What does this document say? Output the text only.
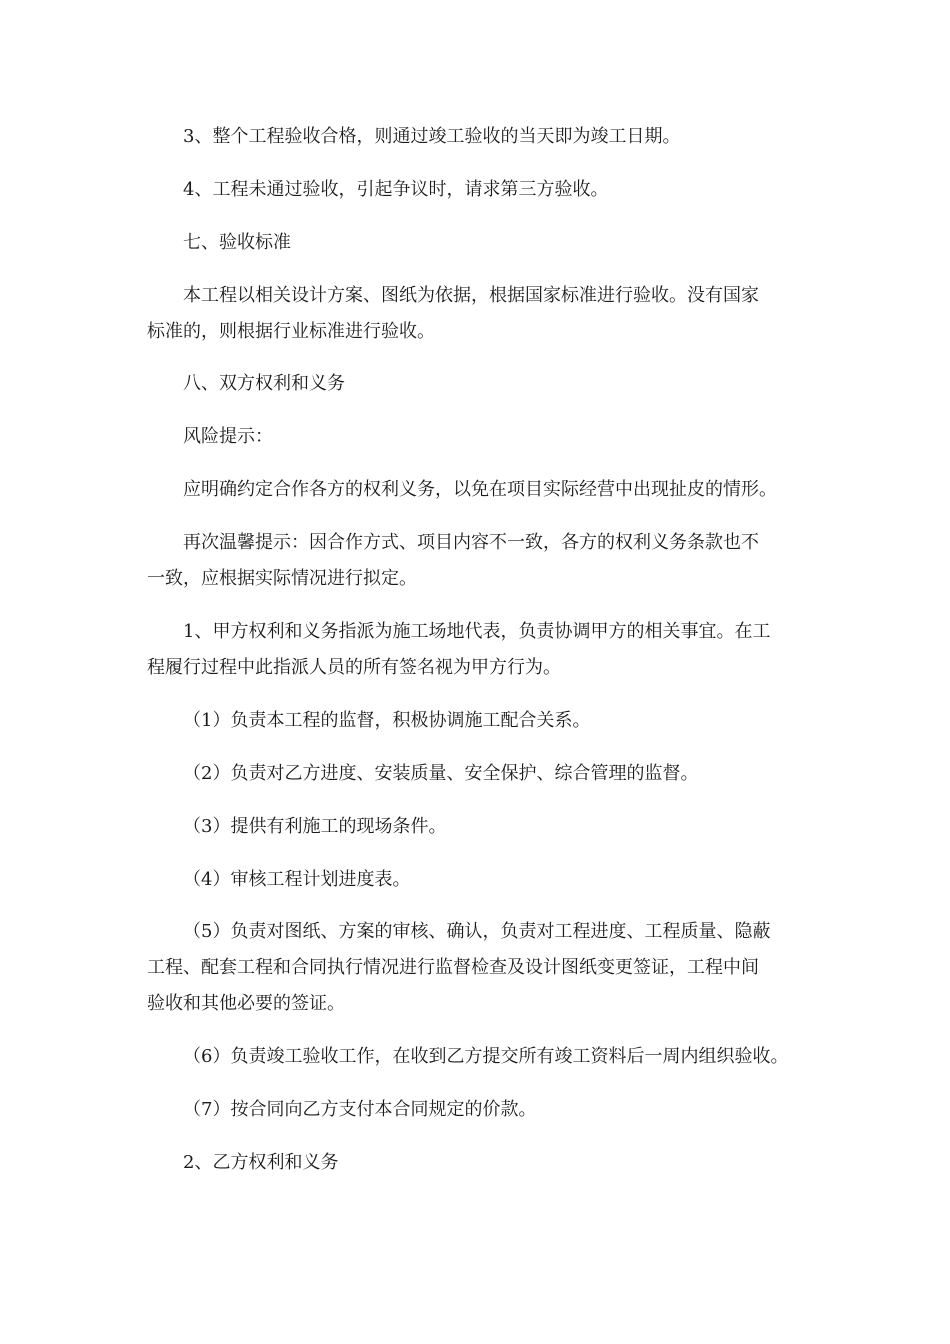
3、整个工程验收合格，则通过竣工验收的当天即为竣工日期。
4、工程未通过验收，引起争议时，请求第三方验收。
七、验收标准
本工程以相关设计方案、图纸为依据，根据国家标准进行验收。没有国家
标准的，则根据行业标准进行验收。
八、双方权利和义务
风险提示：
应明确约定合作各方的权利义务，以免在项目实际经营中出现扯皮的情形。
再次温馨提示：因合作方式、项目内容不一致，各方的权利义务条款也不
一致，应根据实际情况进行拟定。
1、甲方权利和义务指派为施工场地代表，负责协调甲方的相关事宜。在工
程履行过程中此指派人员的所有签名视为甲方行为。
（1）负责本工程的监督，积极协调施工配合关系。
（2）负责对乙方进度、安装质量、安全保护、综合管理的监督。
（3）提供有利施工的现场条件。
（4）审核工程计划进度表。
（5）负责对图纸、方案的审核、确认，负责对工程进度、工程质量、隐蔽
工程、配套工程和合同执行情况进行监督检查及设计图纸变更签证，工程中间
验收和其他必要的签证。
（6）负责竣工验收工作，在收到乙方提交所有竣工资料后一周内组织验收。
（7）按合同向乙方支付本合同规定的价款。
2、乙方权利和义务
